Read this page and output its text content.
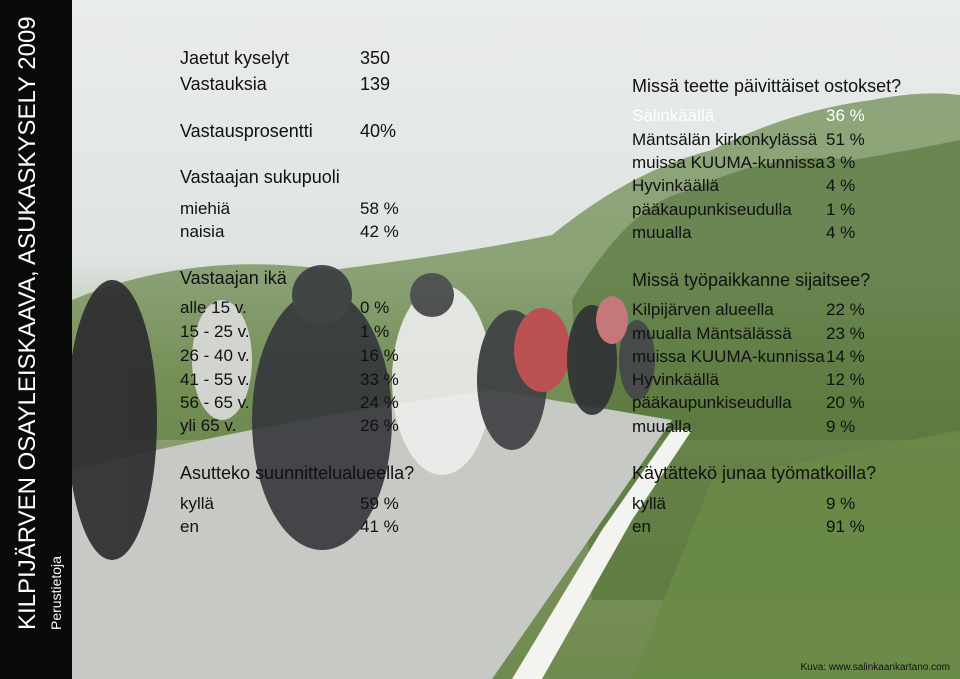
KILPIJÄRVEN OSAYLEISKAAVA, ASUKASKYSELY 2009 Perustietoja
Jaetut kyselyt	350
Vastauksia	139
Vastausprosentti	40%
Vastaajan sukupuoli
miehiä	58 %
naisia	42 %
Vastaajan ikä
alle 15 v.	0 %
15 - 25 v.	1 %
26 - 40 v.	16 %
41 - 55 v.	33 %
56 - 65 v.	24 %
yli 65 v.	26 %
Asutteko suunnittelualueella?
kyllä	59 %
en	41 %
Missä teette päivittäiset ostokset?
Sälinkäällä	36 %
Mäntsälän kirkonkylässä 51 %
muissa KUUMA-kunnissa 3 %
Hyvinkäällä	4 %
pääkaupunkiseudulla 1 %
muualla	4 %
Missä työpaikkanne sijaitsee?
Kilpijärven alueella	22 %
muualla Mäntsälässä 23 %
muissa KUUMA-kunnissa 14 %
Hyvinkäällä	12 %
pääkaupunkiseudulla 20 %
muualla	9 %
Käytättekö junaa työmatkoilla?
kyllä	9 %
en	91 %
Kuva: www.salinkaankartano.com
